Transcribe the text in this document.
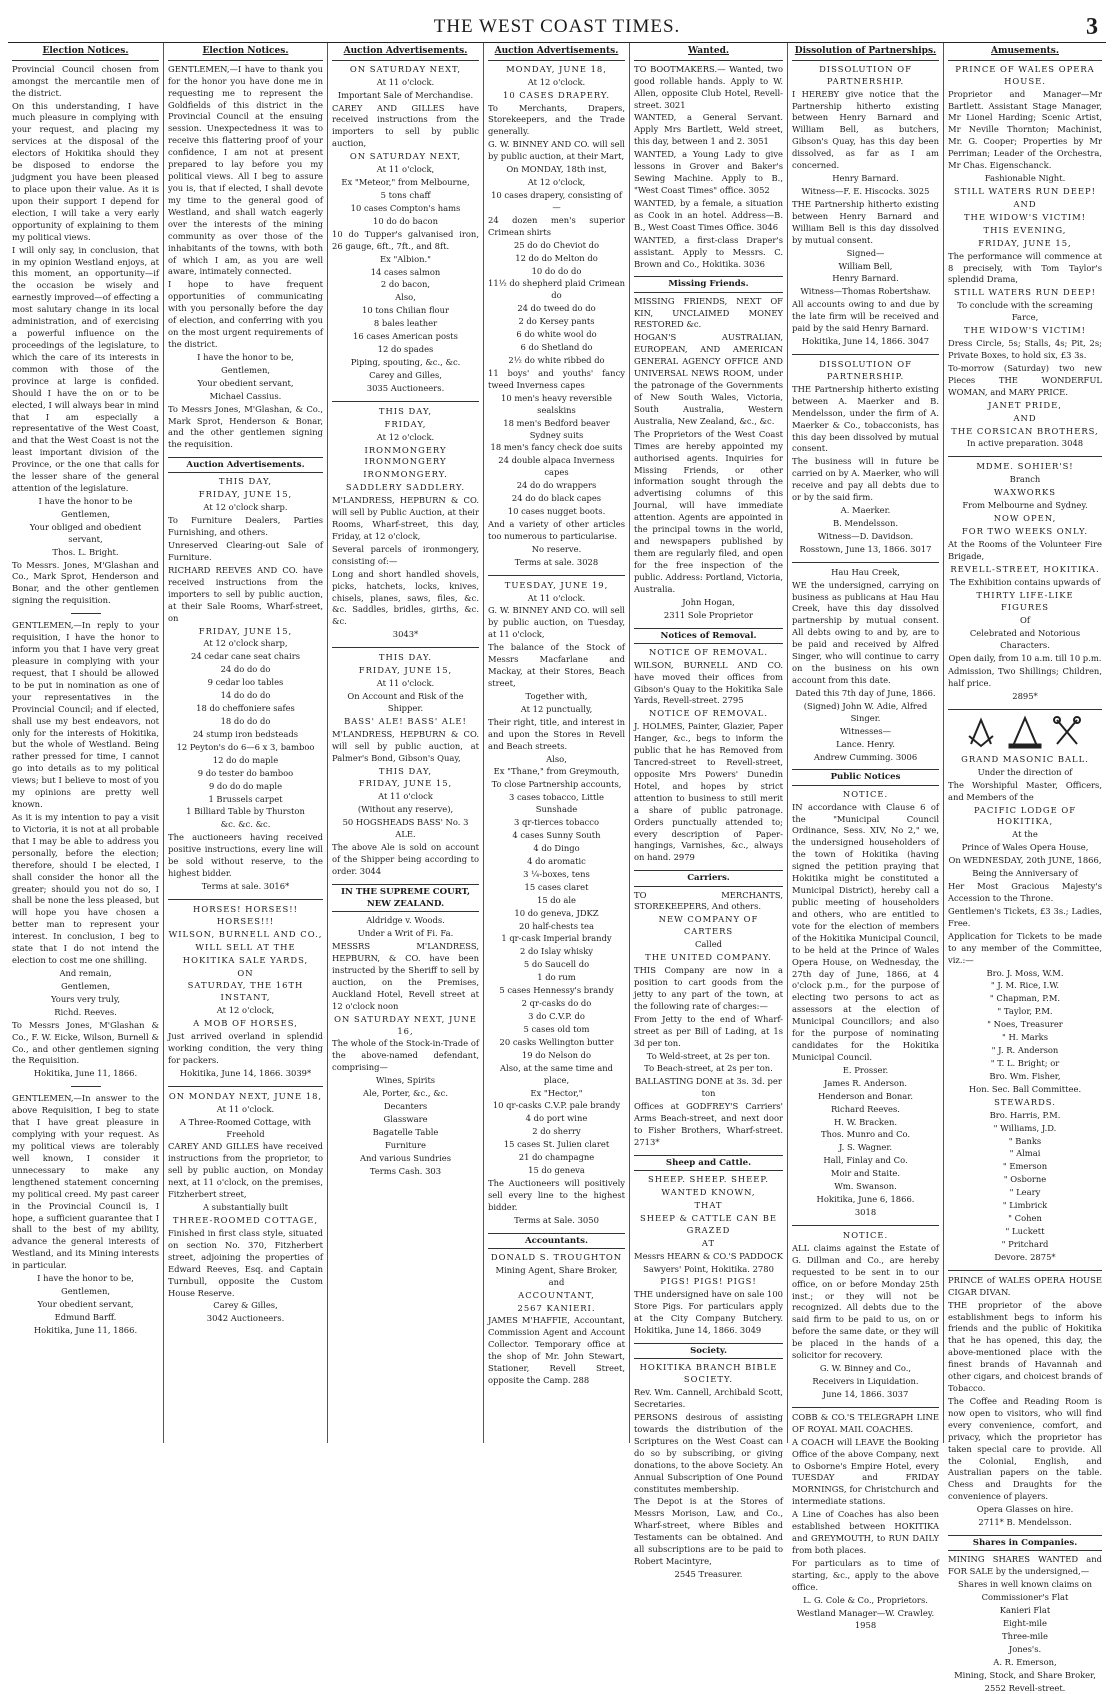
THE WEST COAST TIMES.	3
Election Notices.

Provincial Council chosen from amongst the mercantile men of the district.

On this understanding, I have much pleasure in complying with your request, and placing my services at the disposal of the electors of Hokitika should they be disposed to endorse the judgment you have been pleased to place upon their value. As it is upon their support I depend for election, I will take a very early opportunity of explaining to them my political views.

I will only say, in conclusion, that in my opinion Westland enjoys, at this moment, an opportunity—if the occasion be wisely and earnestly improved—of effecting a most salutary change in its local administration, and of exercising a powerful influence on the proceedings of the legislature, to which the care of its interests in common with those of the province at large is confided. Should I have the on or to be elected, I will always bear in mind that I am especially a representative of the West Coast, and that the West Coast is not the least important division of the Province, or the one that calls for the lesser share of the general attention of the legislature.

I have the honor to be

Gentlemen,

Your obliged and obedient servant,

Thos. L. Bright.

To Messrs. Jones, M'Glashan and Co., Mark Sprot, Henderson and Bonar, and the other gentlemen signing the requisition.

GENTLEMEN,—In reply to your requisition, I have the honor to inform you that I have very great pleasure in complying with your request, that I should be allowed to be put in nomination as one of your representatives in the Provincial Council; and if elected, shall use my best endeavors, not only for the interests of Hokitika, but the whole of Westland. Being rather pressed for time, I cannot go into details as to my political views; but I believe to most of you my opinions are pretty well known.

As it is my intention to pay a visit to Victoria, it is not at all probable that I may be able to address you personally, before the election; therefore, should I be elected, I shall consider the honor all the greater; should you not do so, I shall be none the less pleased, but will hope you have chosen a better man to represent your interest. In conclusion, I beg to state that I do not intend the election to cost me one shilling.

And remain,

Gentlemen,

Yours very truly,

Richd. Reeves.

To Messrs Jones, M'Glashan & Co., F. W. Eicke, Wilson, Burnell & Co., and other gentlemen signing the Requisition.

Hokitika, June 11, 1866.

GENTLEMEN,—In answer to the above Requisition, I beg to state that I have great pleasure in complying with your request. As my political views are tolerably well known, I consider it unnecessary to make any lengthened statement concerning my political creed. My past career in the Provincial Council is, I hope, a sufficient guarantee that I shall to the best of my ability, advance the general interests of Westland, and its Mining interests in particular.

I have the honor to be,

Gentlemen,

Your obedient servant,

Edmund Barff.

Hokitika, June 11, 1866.

Election Notices.

GENTLEMEN,—I have to thank you for the honor you have done me in requesting me to represent the Goldfields of this district in the Provincial Council at the ensuing session. Unexpectedness it was to receive this flattering proof of your confidence, I am not at present prepared to lay before you my political views. All I beg to assure you is, that if elected, I shall devote my time to the general good of Westland, and shall watch eagerly over the interests of the mining community as over those of the inhabitants of the towns, with both of which I am, as you are well aware, intimately connected.

I hope to have frequent opportunities of communicating with you personally before the day of election, and conferring with you on the most urgent requirements of the district.

I have the honor to be,

Gentlemen,

Your obedient servant,

Michael Cassius.

To Messrs Jones, M'Glashan, & Co., Mark Sprot, Henderson & Bonar, and the other gentlemen signing the requisition.

Auction Advertisements.

THIS DAY,

FRIDAY, JUNE 15,

At 12 o'clock sharp.

To Furniture Dealers, Parties Furnishing, and others.

Unreserved Clearing-out Sale of Furniture.

RICHARD REEVES AND CO. have received instructions from the importers to sell by public auction, at their Sale Rooms, Wharf-street, on

FRIDAY, JUNE 15,

At 12 o'clock sharp,

24 cedar cane seat chairs

24 do do do

9 cedar loo tables

14 do do do

18 do cheffoniere safes

18 do do do

24 stump iron bedsteads

12 Peyton's do 6—6 x 3, bamboo

12 do do maple

9 do tester do bamboo

9 do do do maple

1 Brussels carpet

1 Billiard Table by Thurston

&c. &c. &c.

The auctioneers having received positive instructions, every line will be sold without reserve, to the highest bidder.

Terms at sale. 3016*

HORSES! HORSES!! HORSES!!!

WILSON, BURNELL AND CO.,

WILL SELL AT THE

HOKITIKA SALE YARDS,

ON

SATURDAY, THE 16TH INSTANT,

At 12 o'clock,

A MOB OF HORSES,

Just arrived overland in splendid working condition, the very thing for packers.

Hokitika, June 14, 1866. 3039*

ON MONDAY NEXT, JUNE 18,

At 11 o'clock.

A Three-Roomed Cottage, with Freehold

CAREY AND GILLES have received instructions from the proprietor, to sell by public auction, on Monday next, at 11 o'clock, on the premises, Fitzherbert street,

A substantially built

THREE-ROOMED COTTAGE,

Finished in first class style, situated on section No. 370, Fitzherbert street, adjoining the properties of Edward Reeves, Esq. and Captain Turnbull, opposite the Custom House Reserve.

Carey & Gilles,

3042 Auctioneers.

Auction Advertisements.

ON SATURDAY NEXT,

At 11 o'clock.

Important Sale of Merchandise.

CAREY AND GILLES have received instructions from the importers to sell by public auction,

ON SATURDAY NEXT,

At 11 o'clock,

Ex "Meteor," from Melbourne,

5 tons chaff

10 cases Compton's hams

10 do do bacon

10 do Tupper's galvanised iron, 26 gauge, 6ft., 7ft., and 8ft.

Ex "Albion."

14 cases salmon

2 do bacon,

Also,

10 tons Chilian flour

8 bales leather

16 cases American posts

12 do spades

Piping, spouting, &c., &c.

Carey and Gilles,

3035 Auctioneers.

THIS DAY,

FRIDAY,

At 12 o'clock.

IRONMONGERY IRONMONGERY

IRONMONGERY.

SADDLERY SADDLERY.

M'LANDRESS, HEPBURN & CO. will sell by Public Auction, at their Rooms, Wharf-street, this day, Friday, at 12 o'clock,

Several parcels of ironmongery, consisting of:—

Long and short handled shovels, picks, hatchets, locks, knives, chisels, planes, saws, files, &c. &c. Saddles, bridles, girths, &c. &c.

3043*

THIS DAY.

FRIDAY, JUNE 15,

At 11 o'clock.

On Account and Risk of the Shipper.

BASS' ALE! BASS' ALE!

M'LANDRESS, HEPBURN & CO. will sell by public auction, at Palmer's Bond, Gibson's Quay,

THIS DAY,

FRIDAY, JUNE 15,

At 11 o'clock

(Without any reserve),

50 HOGSHEADS BASS' No. 3 ALE.

The above Ale is sold on account of the Shipper being according to order. 3044

IN THE SUPREME COURT, NEW ZEALAND.

Aldridge v. Woods.

Under a Writ of Fi. Fa.

MESSRS M'LANDRESS, HEPBURN, & CO. have been instructed by the Sheriff to sell by auction, on the Premises, Auckland Hotel, Revell street at 12 o'clock noon

ON SATURDAY NEXT, JUNE 16,

The whole of the Stock-in-Trade of the above-named defendant, comprising—

Wines, Spirits

Ale, Porter, &c., &c.

Decanters

Glassware

Bagatelle Table

Furniture

And various Sundries

Terms Cash. 303

Auction Advertisements.

MONDAY, JUNE 18,

At 12 o'clock.

10 CASES DRAPERY.

To Merchants, Drapers, Storekeepers, and the Trade generally.

G. W. BINNEY AND CO. will sell by public auction, at their Mart,

On MONDAY, 18th inst,

At 12 o'clock,

10 cases drapery, consisting of—

24 dozen men's superior Crimean shirts

25 do do Cheviot do

12 do do Melton do

10 do do do

11½ do shepherd plaid Crimean do

24 do tweed do do

2 do Kersey pants

6 do white wool do

6 do Shetland do

2½ do white ribbed do

11 boys' and youths' fancy tweed Inverness capes

10 men's heavy reversible sealskins

18 men's Bedford beaver Sydney suits

18 men's fancy check doe suits

24 double alpaca Inverness capes

24 do do wrappers

24 do do black capes

10 cases nugget boots.

And a variety of other articles too numerous to particularise.

No reserve.

Terms at sale. 3028

TUESDAY, JUNE 19,

At 11 o'clock.

G. W. BINNEY AND CO. will sell by public auction, on Tuesday, at 11 o'clock,

The balance of the Stock of Messrs Macfarlane and Mackay, at their Stores, Beach street,

Together with,

At 12 punctually,

Their right, title, and interest in and upon the Stores in Revell and Beach streets.

Also,

Ex "Thane," from Greymouth,

To close Partnership accounts,

3 cases tobacco, Little Sunshade

3 qr-tierces tobacco

4 cases Sunny South

4 do Dingo

4 do aromatic

3 ¼-boxes, tens

15 cases claret

15 do ale

10 do geneva, JDKZ

20 half-chests tea

1 qr-cask Imperial brandy

2 do Islay whisky

5 do Saucell do

1 do rum

5 cases Hennessy's brandy

2 qr-casks do do

3 do C.V.P. do

5 cases old tom

20 casks Wellington butter

19 do Nelson do

Also, at the same time and place,

Ex "Hector,"

10 qr-casks C.V.P. pale brandy

4 do port wine

2 do sherry

15 cases St. Julien claret

21 do champagne

15 do geneva

The Auctioneers will positively sell every line to the highest bidder.

Terms at Sale. 3050

Accountants.

DONALD S. TROUGHTON

Mining Agent, Share Broker, and

ACCOUNTANT,

2567 KANIERI.

JAMES M'HAFFIE, Accountant, Commission Agent and Account Collector. Temporary office at the shop of Mr. John Stewart, Stationer, Revell Street, opposite the Camp. 288

Wanted.

TO BOOTMAKERS.— Wanted, two good rollable hands. Apply to W. Allen, opposite Club Hotel, Revell-street. 3021

WANTED, a General Servant. Apply Mrs Bartlett, Weld street, this day, between 1 and 2. 3051

WANTED, a Young Lady to give lessons in Grover and Baker's Sewing Machine. Apply to B., "West Coast Times" office. 3052

WANTED, by a female, a situation as Cook in an hotel. Address—B. B., West Coast Times Office. 3046

WANTED, a first-class Draper's assistant. Apply to Messrs. C. Brown and Co., Hokitika. 3036

Missing Friends.

MISSING FRIENDS, NEXT OF KIN, UNCLAIMED MONEY RESTORED &c.

HOGAN'S AUSTRALIAN, EUROPEAN, AND AMERICAN GENERAL AGENCY OFFICE AND UNIVERSAL NEWS ROOM, under the patronage of the Governments of New South Wales, Victoria, South Australia, Western Australia, New Zealand, &c., &c.

The Proprietors of the West Coast Times are hereby appointed my authorised agents. Inquiries for Missing Friends, or other information sought through the advertising columns of this Journal, will have immediate attention. Agents are appointed in the principal towns in the world, and newspapers published by them are regularly filed, and open for the free inspection of the public. Address: Portland, Victoria, Australia.

John Hogan,

2311 Sole Proprietor

Notices of Removal.

NOTICE OF REMOVAL.

WILSON, BURNELL AND CO. have moved their offices from Gibson's Quay to the Hokitika Sale Yards, Revell-street. 2795

NOTICE OF REMOVAL.

J. HOLMES, Painter, Glazier, Paper Hanger, &c., begs to inform the public that he has Removed from Tancred-street to Revell-street, opposite Mrs Powers' Dunedin Hotel, and hopes by strict attention to business to still merit a share of public patronage. Orders punctually attended to; every description of Paper-hangings, Varnishes, &c., always on hand. 2979

Carriers.

TO MERCHANTS, STOREKEEPERS, And others.

NEW COMPANY OF CARTERS

Called

THE UNITED COMPANY.

THIS Company are now in a position to cart goods from the jetty to any part of the town, at the following rate of charges:—

From Jetty to the end of Wharf-street as per Bill of Lading, at 1s 3d per ton.

To Weld-street, at 2s per ton.

To Beach-street, at 2s per ton.

BALLASTING DONE at 3s. 3d. per ton

Offices at GODFREY'S Carriers' Arms Beach-street, and next door to Fisher Brothers, Wharf-street. 2713*

Sheep and Cattle.

SHEEP. SHEEP. SHEEP.

WANTED KNOWN,

THAT

SHEEP & CATTLE CAN BE GRAZED

AT

Messrs HEARN & CO.'S PADDOCK

Sawyers' Point, Hokitika. 2780

PIGS! PIGS! PIGS!

THE undersigned have on sale 100 Store Pigs. For particulars apply at the City Company Butchery. Hokitika, June 14, 1866. 3049

Society.

HOKITIKA BRANCH BIBLE SOCIETY.

Rev. Wm. Cannell, Archibald Scott, Secretaries.

PERSONS desirous of assisting towards the distribution of the Scriptures on the West Coast can do so by subscribing, or giving donations, to the above Society. An Annual Subscription of One Pound constitutes membership.

The Depot is at the Stores of Messrs Morison, Law, and Co., Wharf-street, where Bibles and Testaments can be obtained. And all subscriptions are to be paid to Robert Macintyre,

2545 Treasurer.

Dissolution of Partnerships.

DISSOLUTION OF PARTNERSHIP.

I HEREBY give notice that the Partnership hitherto existing between Henry Barnard and William Bell, as butchers, Gibson's Quay, has this day been dissolved, as far as I am concerned.

Henry Barnard.

Witness—F. E. Hiscocks. 3025

THE Partnership hitherto existing between Henry Barnard and William Bell is this day dissolved by mutual consent.

Signed—

William Bell,

Henry Barnard.

Witness—Thomas Robertshaw.

All accounts owing to and due by the late firm will be received and paid by the said Henry Barnard.

Hokitika, June 14, 1866. 3047

DISSOLUTION OF PARTNERSHIP.

THE Partnership hitherto existing between A. Maerker and B. Mendelsson, under the firm of A. Maerker & Co., tobacconists, has this day been dissolved by mutual consent.

The business will in future be carried on by A. Maerker, who will receive and pay all debts due to or by the said firm.

A. Maerker.

B. Mendelsson.

Witness—D. Davidson.

Rosstown, June 13, 1866. 3017

Hau Hau Creek,

WE the undersigned, carrying on business as publicans at Hau Hau Creek, have this day dissolved partnership by mutual consent. All debts owing to and by, are to be paid and received by Alfred Singer, who will continue to carry on the business on his own account from this date.

Dated this 7th day of June, 1866.

(Signed) John W. Adie, Alfred Singer.

Witnesses—

Lance. Henry.

Andrew Cumming. 3006

Public Notices

NOTICE.

IN accordance with Clause 6 of the "Municipal Council Ordinance, Sess. XIV, No 2," we, the undersigned householders of the town of Hokitika (having signed the petition praying that Hokitika might be constituted a Municipal District), hereby call a public meeting of householders and others, who are entitled to vote for the election of members of the Hokitika Municipal Council, to be held at the Prince of Wales Opera House, on Wednesday, the 27th day of June, 1866, at 4 o'clock p.m., for the purpose of electing two persons to act as assessors at the election of Municipal Councillors; and also for the purpose of nominating candidates for the Hokitika Municipal Council.

E. Prosser.

James R. Anderson.

Henderson and Bonar.

Richard Reeves.

H. W. Bracken.

Thos. Munro and Co.

J. S. Wagner.

Hall, Finlay and Co.

Moir and Staite.

Wm. Swanson.

Hokitika, June 6, 1866.

3018

NOTICE.

ALL claims against the Estate of G. Dillman and Co., are hereby requested to be sent in to our office, on or before Monday 25th inst.; or they will not be recognized. All debts due to the said firm to be paid to us, on or before the same date, or they will be placed in the hands of a solicitor for recovery.

G. W. Binney and Co.,

Receivers in Liquidation.

June 14, 1866. 3037

COBB & CO.'S TELEGRAPH LINE OF ROYAL MAIL COACHES.

A COACH will LEAVE the Booking Office of the above Company, next to Osborne's Empire Hotel, every TUESDAY and FRIDAY MORNINGS, for Christchurch and intermediate stations.

A Line of Coaches has also been established between HOKITIKA and GREYMOUTH, to RUN DAILY from both places.

For particulars as to time of starting, &c., apply to the above office.

L. G. Cole & Co., Proprietors.

Westland Manager—W. Crawley. 1958

Amusements.

PRINCE OF WALES OPERA HOUSE.

Proprietor and Manager—Mr Bartlett. Assistant Stage Manager, Mr Lionel Harding; Scenic Artist, Mr Neville Thornton; Machinist, Mr. G. Cooper; Properties by Mr Perriman; Leader of the Orchestra, Mr Chas. Eigenschanck.

Fashionable Night.

STILL WATERS RUN DEEP!

AND

THE WIDOW'S VICTIM!

THIS EVENING,

FRIDAY, JUNE 15,

The performance will commence at 8 precisely, with Tom Taylor's splendid Drama,

STILL WATERS RUN DEEP!

To conclude with the screaming Farce,

THE WIDOW'S VICTIM!

Dress Circle, 5s; Stalls, 4s; Pit, 2s; Private Boxes, to hold six, £3 3s.

To-morrow (Saturday) two new Pieces THE WONDERFUL WOMAN, and MARY PRICE.

JANET PRIDE,

AND

THE CORSICAN BROTHERS,

In active preparation. 3048

MDME. SOHIER'S!

Branch

WAXWORKS

From Melbourne and Sydney.

NOW OPEN,

FOR TWO WEEKS ONLY.

At the Rooms of the Volunteer Fire Brigade,

REVELL-STREET, HOKITIKA.

The Exhibition contains upwards of

THIRTY LIFE-LIKE

FIGURES

Of

Celebrated and Notorious Characters.

Open daily, from 10 a.m. till 10 p.m.

Admission, Two Shillings; Children, half price.

2895*

GRAND MASONIC BALL.

Under the direction of

The Worshipful Master, Officers, and Members of the

PACIFIC LODGE OF HOKITIKA,

At the

Prince of Wales Opera House,

On WEDNESDAY, 20th JUNE, 1866,

Being the Anniversary of

Her Most Gracious Majesty's Accession to the Throne.

Gentlemen's Tickets, £3 3s.; Ladies, Free.

Application for Tickets to be made to any member of the Committee, viz.:—

Bro. J. Moss, W.M.

" J. M. Rice, I.W.

" Chapman, P.M.

" Taylor, P.M.

" Noes, Treasurer

" H. Marks

" J. R. Anderson

" T. L. Bright; or

Bro. Wm. Fisher,

Hon. Sec. Ball Committee.

STEWARDS.

Bro. Harris, P.M.

" Williams, J.D.

" Banks

" Almai

" Emerson

" Osborne

" Leary

" Limbrick

" Cohen

" Luckett

" Pritchard

Devore. 2875*

PRINCE of WALES OPERA HOUSE CIGAR DIVAN.

THE proprietor of the above establishment begs to inform his friends and the public of Hokitika that he has opened, this day, the above-mentioned place with the finest brands of Havannah and other cigars, and choicest brands of Tobacco.

The Coffee and Reading Room is now open to visitors, who will find every convenience, comfort, and privacy, which the proprietor has taken special care to provide. All the Colonial, English, and Australian papers on the table. Chess and Draughts for the convenience of players.

Opera Glasses on hire.

2711* B. Mendelsson.

Shares in Companies.

MINING SHARES WANTED and FOR SALE by the undersigned,—

Shares in well known claims on

Commissioner's Flat

Kanieri Flat

Eight-mile

Three-mile

Jones's.

A. R. Emerson,

Mining, Stock, and Share Broker,

2552 Revell-street.
